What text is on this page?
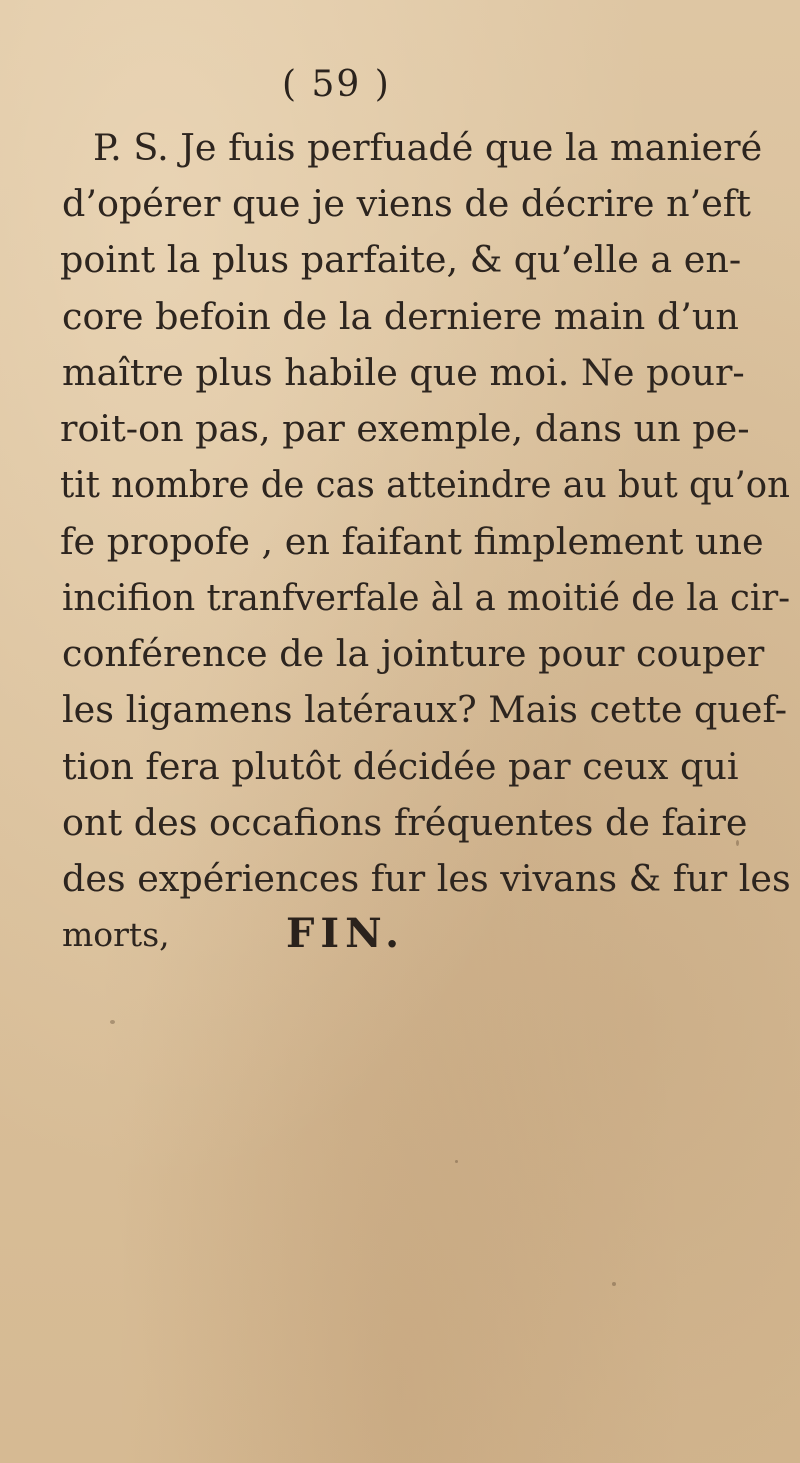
( 59 )
P. S. Je fuis perfuadé que la manieré
d’opérer que je viens de décrire n’eft
point la plus parfaite, & qu’elle a en-
core befoin de la derniere main d’un
maître plus habile que moi. Ne pour-
roit-on pas, par exemple, dans un pe-
tit nombre de cas atteindre au but qu’on
fe propofe , en faifant fimplement une
incifion tranfverfale àl a moitié de la cir-
conférence de la jointure pour couper
les ligamens latéraux? Mais cette quef-
tion fera plutôt décidée par ceux qui
ont des occafions fréquentes de faire
des expériences fur les vivans & fur les
morts,	FIN.
